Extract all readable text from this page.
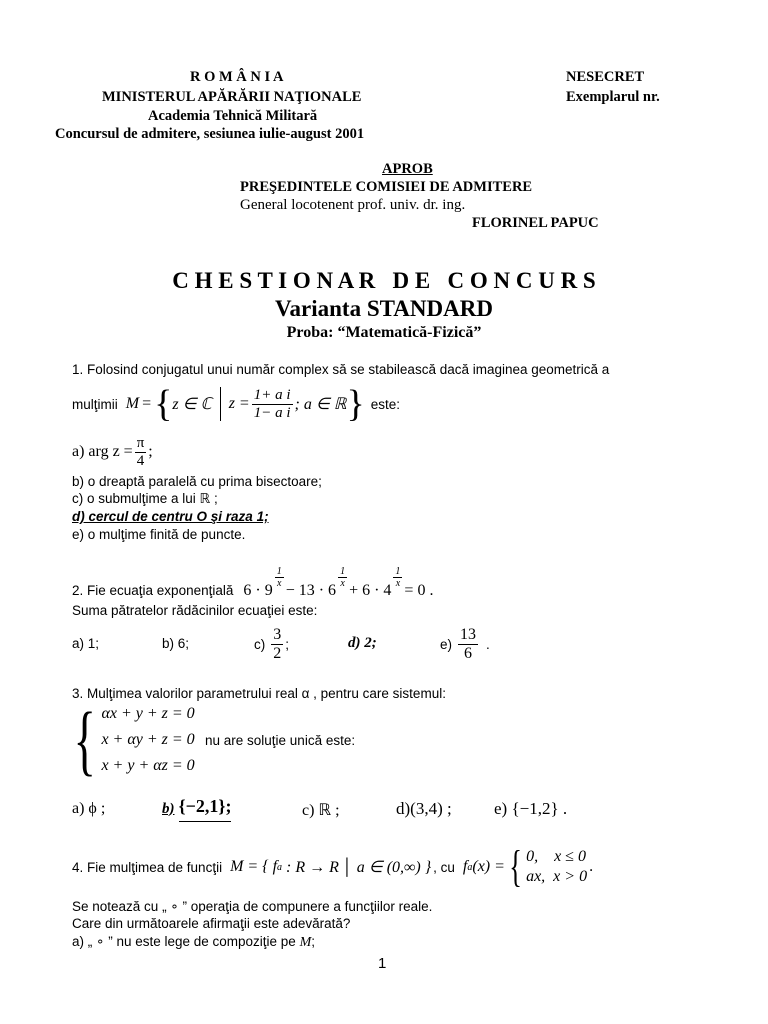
R O M Â N I A
MINISTERUL APĂRĂRII NAŢIONALE
Academia Tehnică Militară
Concursul de admitere, sesiunea iulie-august 2001
NESECRET
Exemplarul nr.
APROB
PREŞEDINTELE COMISIEI DE ADMITERE
General locotenent prof. univ. dr. ing.
FLORINEL PAPUC
C H E S T I O N A R   D E   C O N C U R S
Varianta STANDARD
Proba: “Matematică-Fizică”
1. Folosind conjugatul unui număr complex să se stabilească dacă imaginea geometrică a
mulţimii M = { z ∈ ℂ $z = \frac{\text{1+ a i}}{\text{1− a i}}$ ; a ∈ ℝ } este:
a) arg $z = \frac{\pi}{4}$ ;
b) o dreaptă paralelă cu prima bisectoare;
c) o submulţime a lui ℝ ;
d) cercul de centru O şi raza 1;
e) o mulţime finită de puncte.
2. Fie ecuaţia exponenţială 6 · 9
$\frac{1}{x}$
− 13 · 6
$\frac{1}{x}$
+ 6 · 4
$\frac{1}{x}$
= 0 .
Suma pătratelor rădăcinilor ecuaţiei este:
a) 1;	b) 6;	$c) \frac{3}{2}$ ;	d) 2;	$e) \frac{13}{6}$ .
3. Mulţimea valorilor parametrului real α , pentru care sistemul:
{ αx + y + z = 0
x + αy + z = 0
x + y + αz = 0
nu are soluţie unică este:
a) ϕ ;	b) {−2,1};	c) ℝ ;	d)(3,4) ; e) {−1,2} .
4. Fie mulţimea de funcţii M = { f a : R → R │ a ∈ (0,∞) } , cu f a (x) = { 0,    x ≤ 0
ax,  x > 0
.
Se notează cu „ ∘ ” operaţia de compunere a funcţiilor reale.
Care din următoarele afirmaţii este adevărată?
a) „ ∘ ” nu este lege de compoziţie pe M;
1
